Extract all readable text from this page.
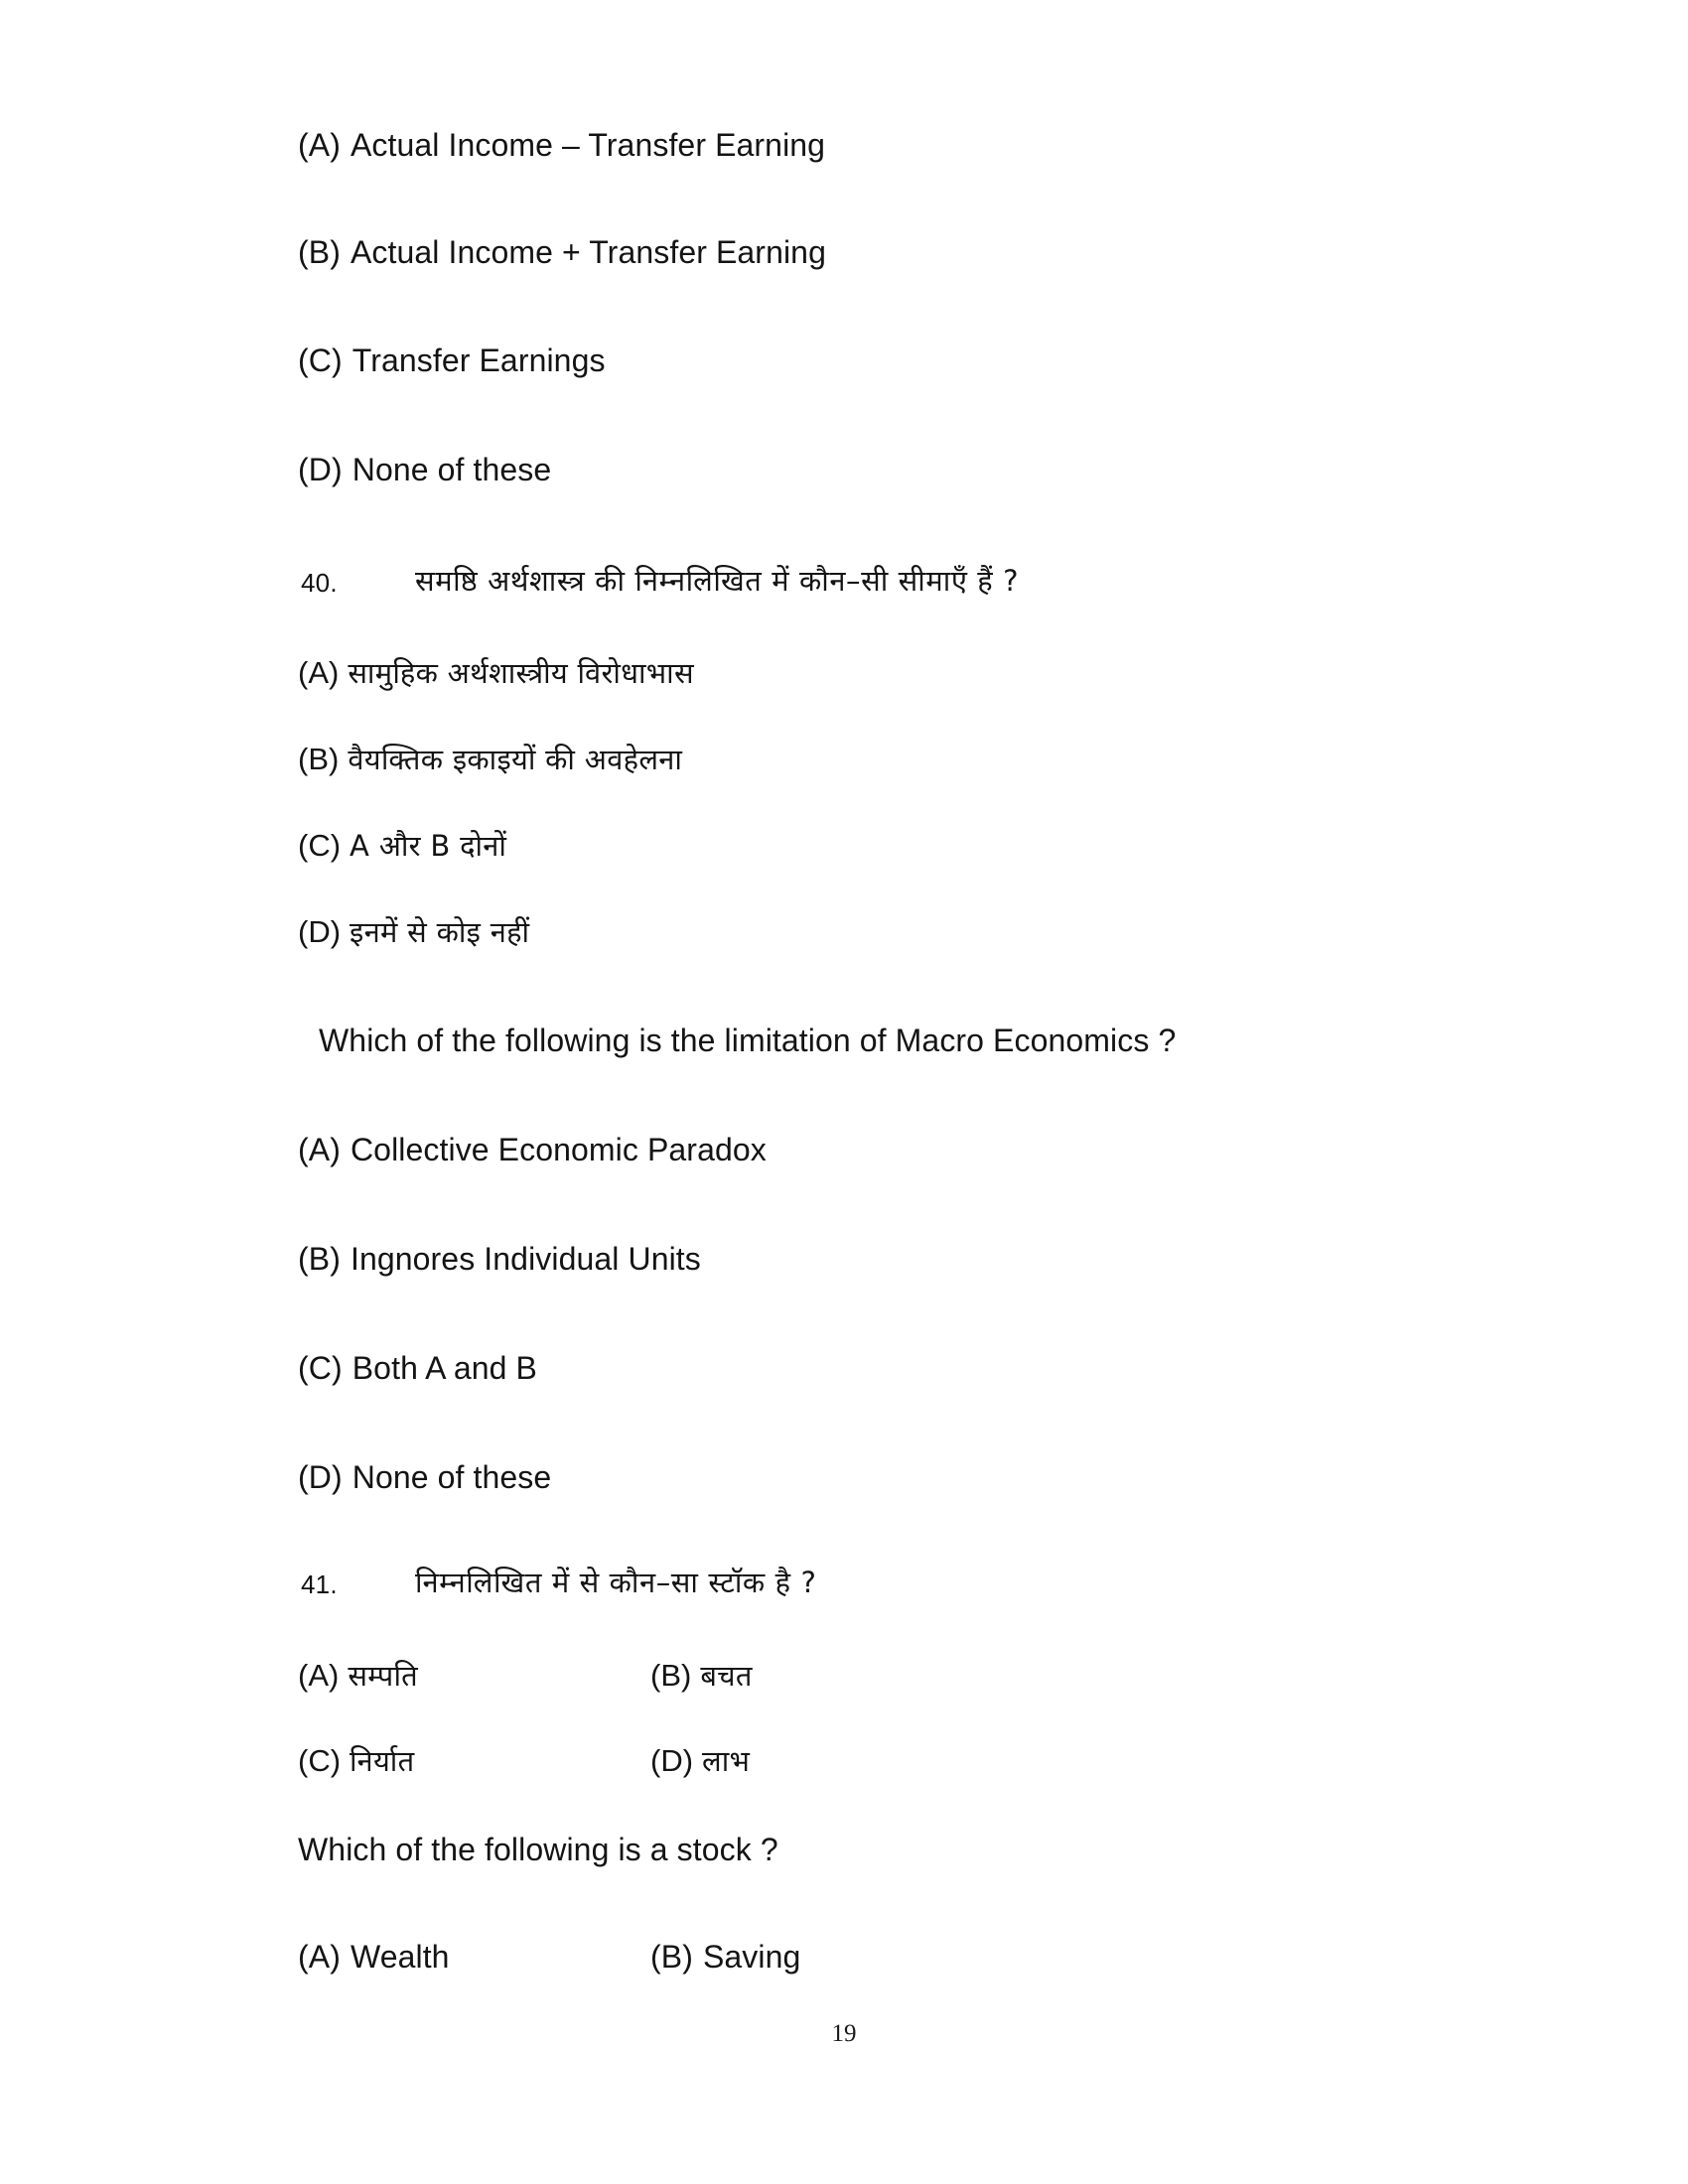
(A) Actual Income – Transfer Earning
(B) Actual Income + Transfer Earning
(C) Transfer Earnings
(D) None of these
40.	समष्ठि अर्थशास्त्र की निम्नलिखित में कौन–सी सीमाएँ हैं ?
(A) सामुहिक अर्थशास्त्रीय विरोधाभास
(B) वैयक्तिक इकाइयों की अवहेलना
(C) A और B दोनों
(D) इनमें से कोइ नहीं
Which of the following is the limitation of Macro Economics ?
(A) Collective Economic Paradox
(B) Ingnores Individual Units
(C) Both A and B
(D) None of these
41.	निम्नलिखित में से कौन–सा स्टॉक है ?
(A) सम्पति	(B) बचत
(C) निर्यात	(D) लाभ
Which of the following is a stock ?
(A) Wealth	(B) Saving
19
